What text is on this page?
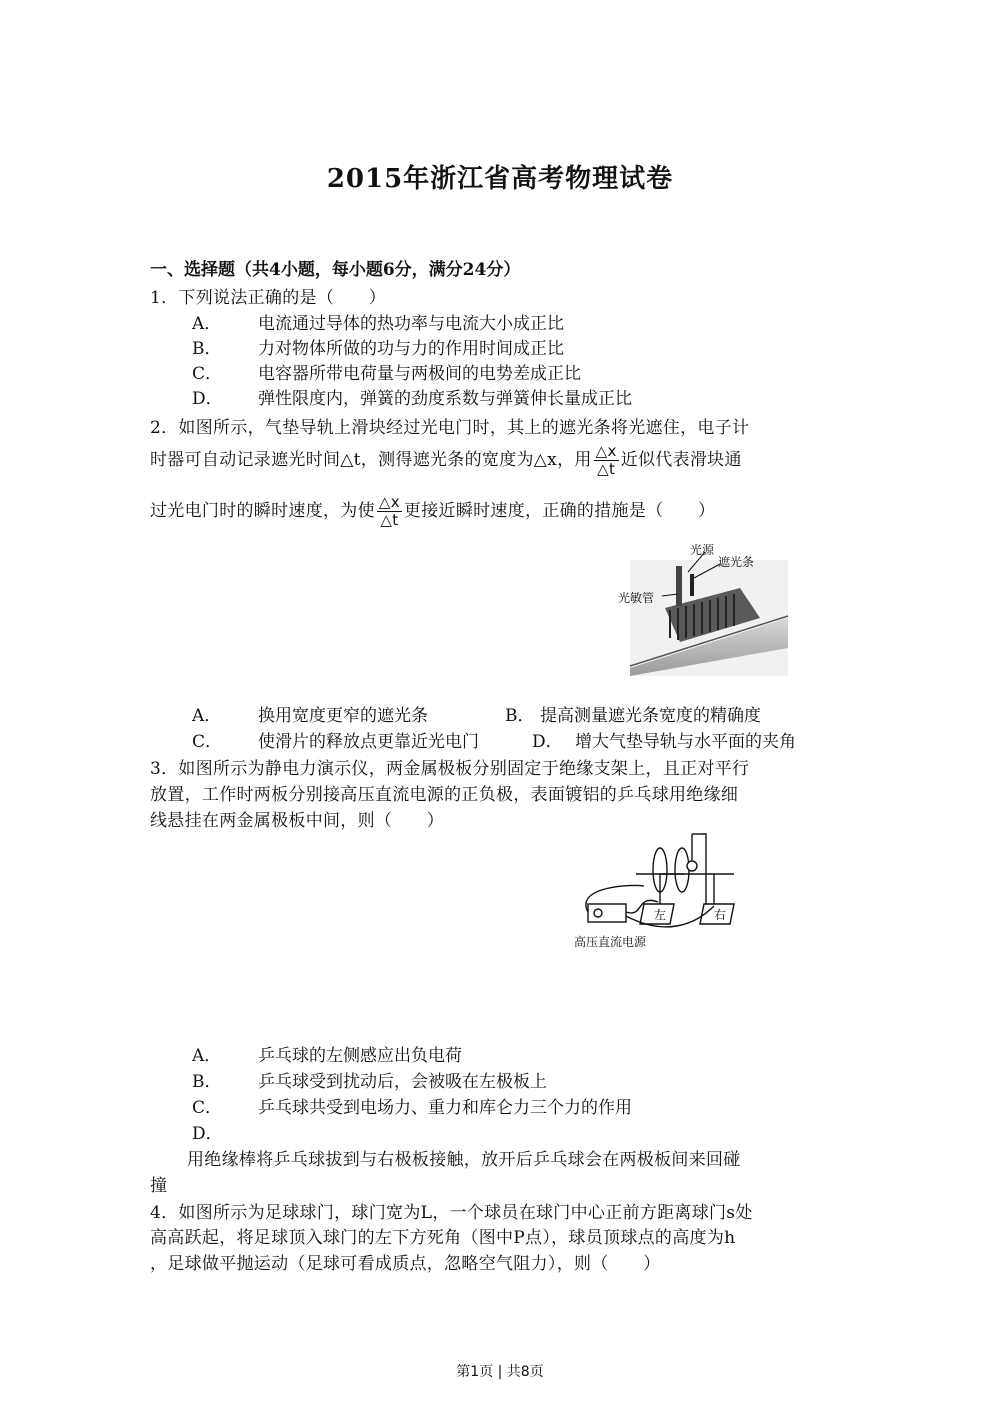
2015年浙江省高考物理试卷
一、选择题（共4小题，每小题6分，满分24分）
1．下列说法正确的是（　　）
A． 电流通过导体的热功率与电流大小成正比
B． 力对物体所做的功与力的作用时间成正比
C． 电容器所带电荷量与两极间的电势差成正比
D． 弹性限度内，弹簧的劲度系数与弹簧伸长量成正比
2．如图所示，气垫导轨上滑块经过光电门时，其上的遮光条将光遮住，电子计
时器可自动记录遮光时间△t，测得遮光条的宽度为△x，用 $\frac{\triangle x}{\triangle t}$ 近似代表滑块通
过光电门时的瞬时速度，为使 $\frac{\triangle x}{\triangle t}$ 更接近瞬时速度，正确的措施是（　　）
光源
遮光条
光敏管
A． 换用宽度更窄的遮光条	B． 提高测量遮光条宽度的精确度
C． 使滑片的释放点更靠近光电门	D． 增大气垫导轨与水平面的夹角
3．如图所示为静电力演示仪，两金属极板分别固定于绝缘支架上，且正对平行
放置，工作时两板分别接高压直流电源的正负极，表面镀铝的乒乓球用绝缘细
线悬挂在两金属极板中间，则（　　）
左	右
高压直流电源
A． 乒乓球的左侧感应出负电荷
B． 乒乓球受到扰动后，会被吸在左极板上
C． 乒乓球共受到电场力、重力和库仑力三个力的作用
D．
用绝缘棒将乒乓球拔到与右极板接触，放开后乒乓球会在两极板间来回碰
撞
4．如图所示为足球球门，球门宽为L，一个球员在球门中心正前方距离球门s处
高高跃起，将足球顶入球门的左下方死角（图中P点），球员顶球点的高度为h
，足球做平抛运动（足球可看成质点，忽略空气阻力），则（　　）
第1页 | 共8页
